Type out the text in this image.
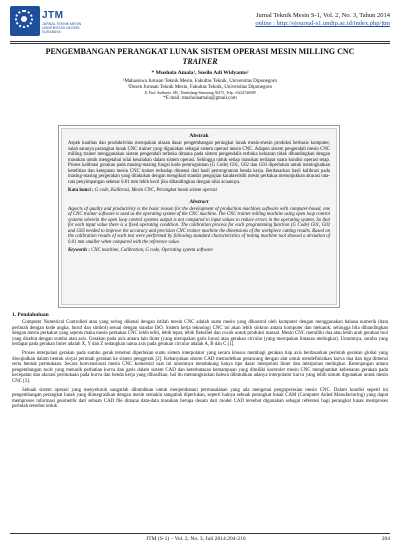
JTM
JURNAL TEKNIK MESIN UNIVERSITAS NEGERI SURABAYA
Jurnal Teknik Mesin S-1, Vol. 2, No. 3, Tahun 2014
online : http://ejournal-s1.undip.ac.id/index.php/jtm
PENGEMBANGAN PERANGKAT LUNAK SISTEM OPERASI MESIN MILLING CNC
TRAINER
* Mushola Amala¹, Susilo Adi Widyanto²
¹Mahasiswa Jurusan Teknik Mesin, Fakultas Teknik, Universitas Diponegoro
²Dosen Jurusan Teknik Mesin, Fakultas Teknik, Universitas Diponegoro
Jl. Prof. Sudharto, SH., Tembalang-Semarang 50275, Telp. +6224746009
*E-mail: musholaamala@gmail.com
Abstrak

Aspek kualitas dan produktivitas merupakan alasan dasar pengembangan perangkat lunak mesin-mesin produksi berbasis komputer, salah satunya perangkat lunak CNC trainer yang digunakan sebagai sistem operasi mesin CNC. Adapun sistem pengendali mesin CNC milling trainer menggunakan sistem pengendali terbuka dimana pada sistem pengendalis terbuka keluaran tidak dibandingkan dengan masukan untuk mengetahui nilai kesalahan dalam sistem operasi. Sehingga untuk setiap masukan terdapat suatu kondisi operasi tetap. Proses kalibrasi gerakan pada masing-masing fungsi kode pemrograman (G Code) G01, G02 dan G03 diperlukan untuk meningkatkan ketelitian dan ketepatan mesin CNC trainer terhadap dimensi dari hasil pemrograman benda kerja. Berdasarkan hasil kalibrasi pada masing-masing pergerakan yang dilakukan dengan mengikuti standar pengujian karakteristik mesin perkakas menunjukkan akurasi rata-rata penyimpangan sebesar 0.01 mm lebih kecil jika dibandingkan dengan nilai acuannya.

Kata kunci : G code, Kalibrasi, Mesin CNC, Perangkat lunak sistem operasi

Abstract

Aspects of quality and productivity is the basic reason for the development of production machines software with computer-based, one of CNC trainer software is used as the operating system of the CNC machine. The CNC trainer milling machine using open loop control systems wherein the open loop control systems output is not compared to input values to reduce errors in the operating system. So that for each input value there is a fixed operating condition. The calibration process for each programming function (G Code) G01, G02 and G03 needed to improve the accuracy and precision CNC trainer machine the dimensions of the workpiece cutting results. Based on the calibration results of each test were performed by following standard characteristics of testing machine tool showed a deviation of 0.01 mm smaller when compared with the reference value.

Keywords : CNC machine, Calibration, G code, Operating system software

1. Pendahuluan

Computer Numerical Controlled atau yang sering dikenal dengan istilah mesin CNC adalah suatu mesin yang dikontrol oleh komputer dengan menggunakan bahasa numerik (data perintah dengan kode angka, huruf dan simbol) sesuai dengan standar ISO. Sistem kerja teknologi CNC ini akan lebih sinkron antara komputer dan mekanik, sehingga bila dibandingkan dengan mesin perkakas yang sejenis maka mesin perkakas CNC lebih teliti, lebih tepat, lebih fleksibel dan cocok untuk produksi massal. Mesin CNC memiliki dua atau lebih arah gerakan tool yang disebut dengan sumbu atau axis. Gerakan pada axis antara lain linier (yang merupakan garis lurus) atau gerakan circular (yang merupakan lintasan melingkar). Umumnya, sumbu yang terdapat pada gerakan linier adalah X, Y dan Z sedangkan nama axis pada gerakan circular adalah A, B dan C [1].

Proses interpolasi gerakan pada sumbu gerak tersebut diperlukan suatu sistem interpolator yang secara khusus membagi gerakan tiap axis berdasarkan perintah gerakan global yang diwujudkan dalam bentuk sinyal perintah gerakan ke sistem penggerak [2]. Kebanyakan sistem CAD memodelkan perancang dengan alat untuk mendefinisikan kurva dua dan tiga dimensi serta bentuk permukaan. Secara konvensional mesin CNC komersial saat ini umumnya mendukung hanya tipe dasar interpolasi linier dan interpolasi melingkar. Kesenjangan antara pengembangan tools yang menarik perhatian kurva dan garis dalam sistem CAD dan keterbatasan kemampuan yang dimiliki kontroler mesin CNC menghambat kebenaran gerakan pada kecepatan dan akurasi permukaan pada kurva dan benda kerja yang dihasilkan, hal itu memungkinkan bahwa dibutuhkan adanya interpolator kurva yang lebih umum digunakan untuk mesin CNC [3].

Sebuah sistem operasi yang menyeluruh sangatlah dibutuhkan untuk menjembatani permasalahan yang ada mengenai pengoperasian mesin CNC. Dalam kondisi seperti ini pengembangan perangkat lunak yang diintegrasikan dengan mesin semakin sangatlah diperlukan, seperti halnya sebuah perangkat lunak CAM (Computer Aided Manufacturing) yang dapat memproses informasi geometrik dari sebuah CAD file dimana data-data masukan berupa desain dari model CAD tersebut digunakan sebagai referensi bagi perangkat lunak memproses perintah tersebut untuk

JTM (S-1) – Vol. 2, No. 3, Juli 2014:204-210	204
